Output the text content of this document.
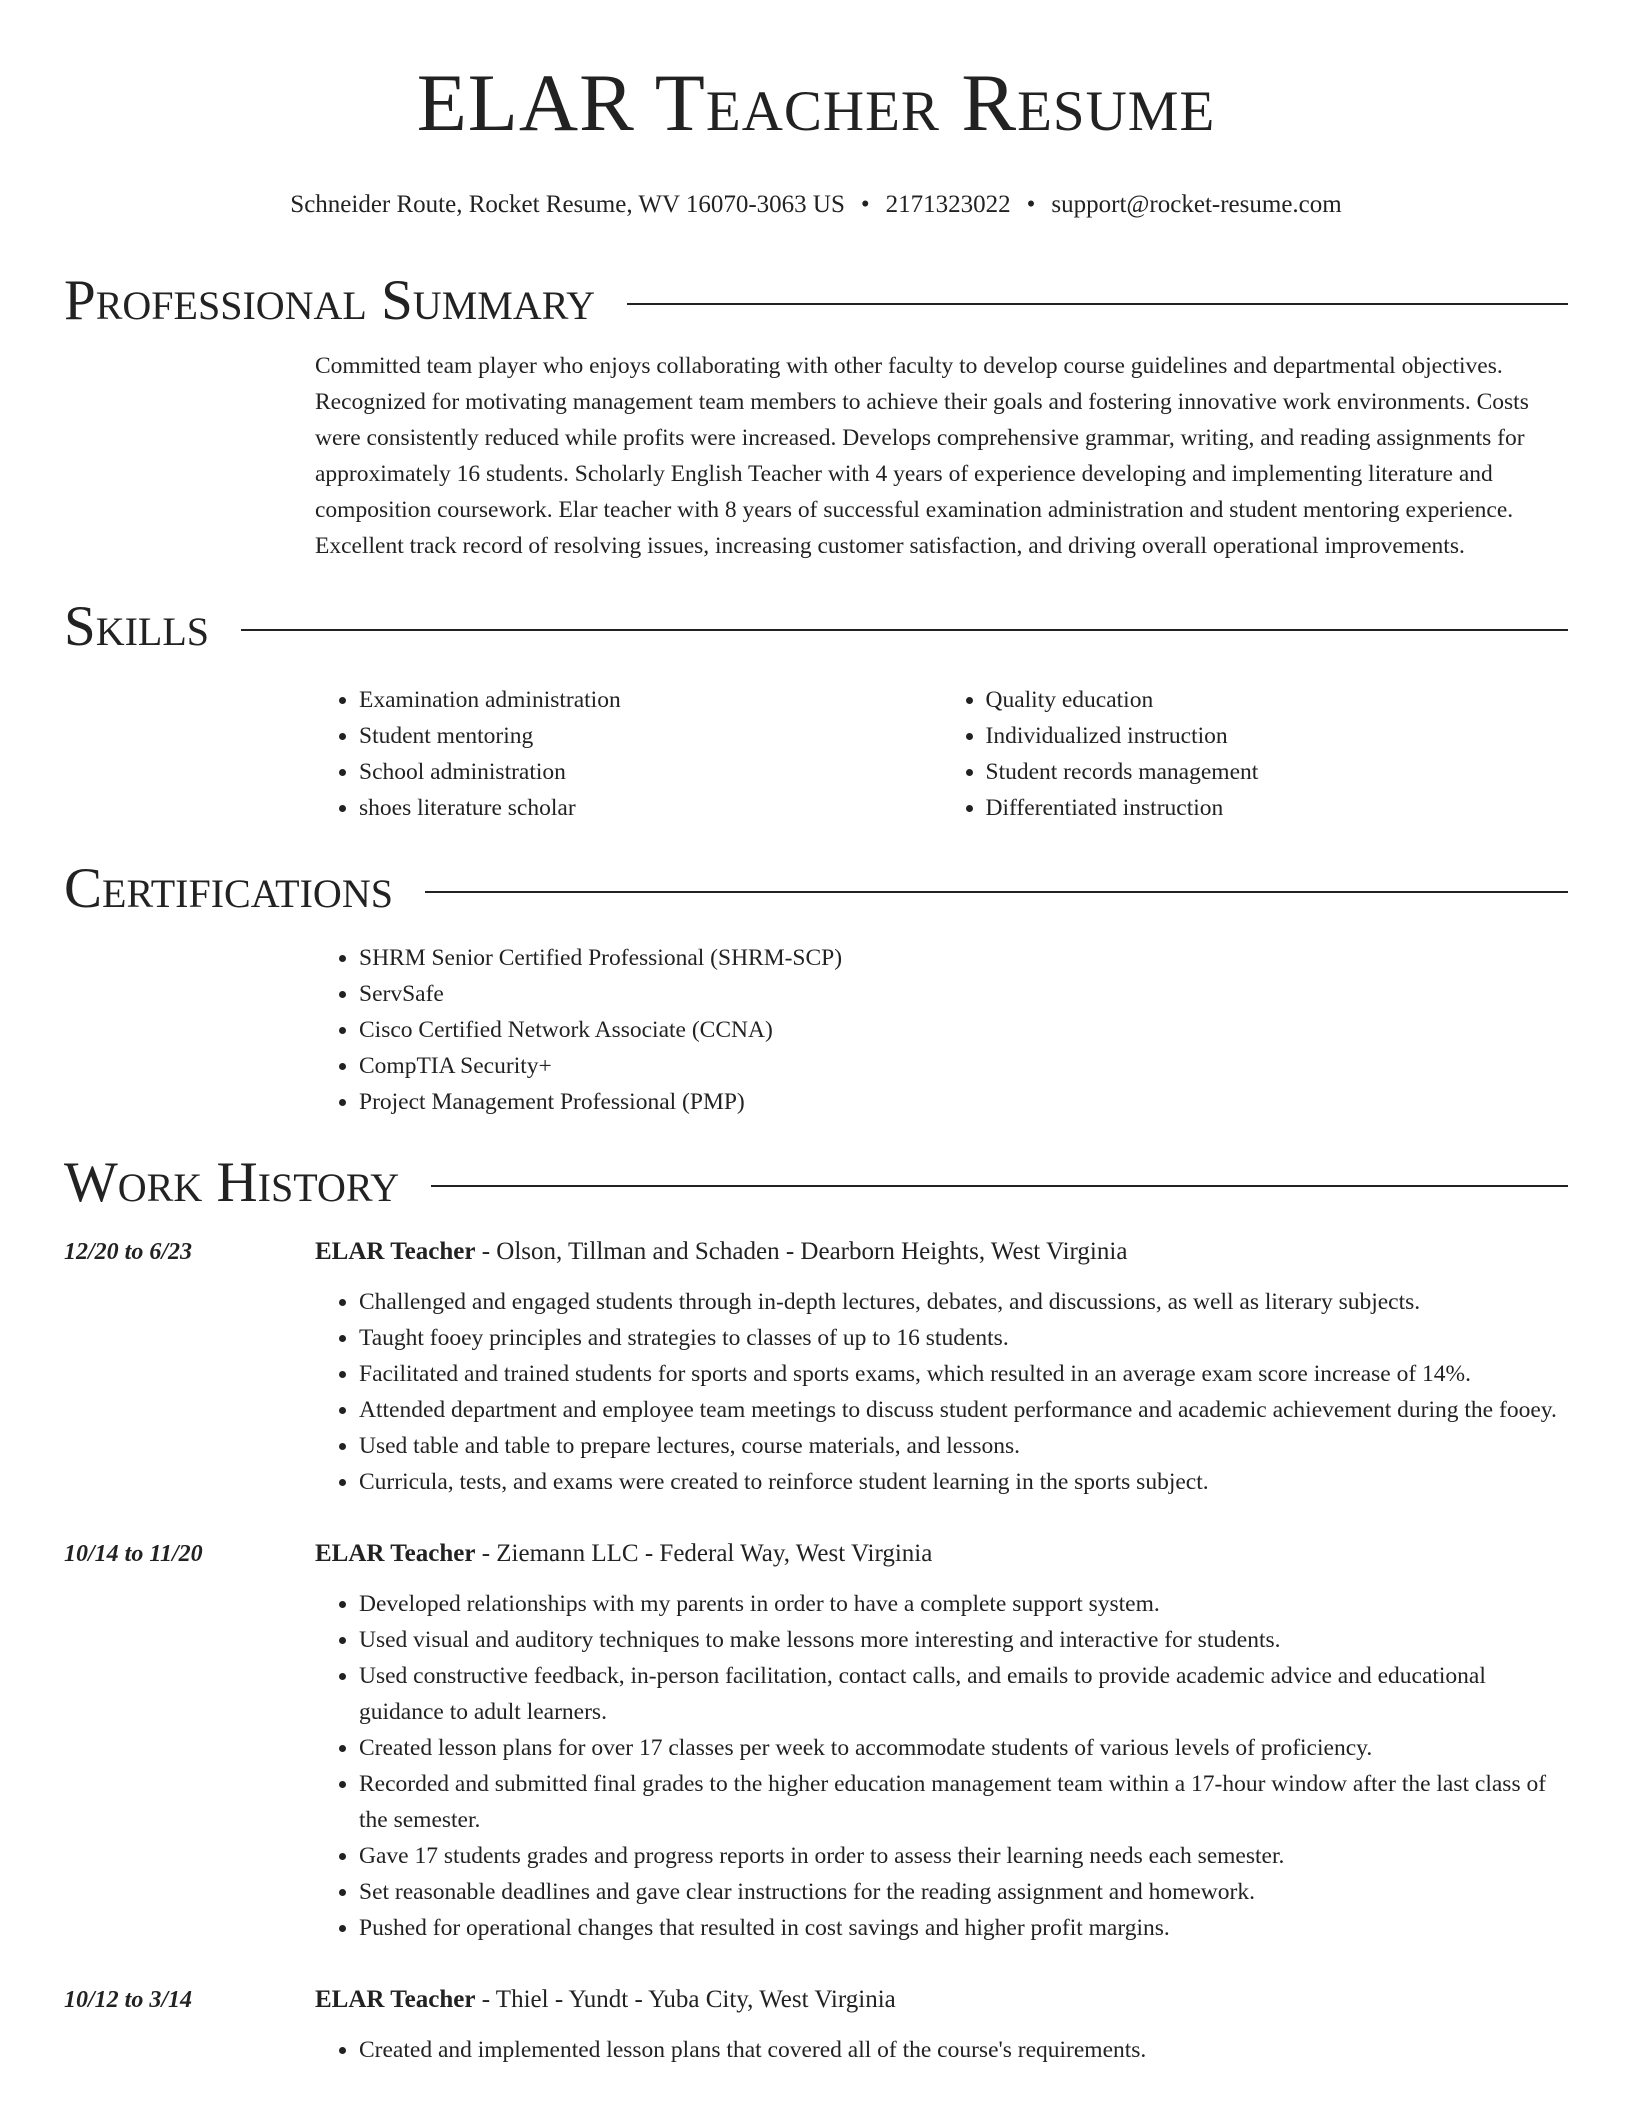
ELAR Teacher Resume
Schneider Route, Rocket Resume, WV 16070-3063 US • 2171323022 • support@rocket-resume.com
Professional Summary

Committed team player who enjoys collaborating with other faculty to develop course guidelines and departmental objectives. Recognized for motivating management team members to achieve their goals and fostering innovative work environments. Costs were consistently reduced while profits were increased. Develops comprehensive grammar, writing, and reading assignments for approximately 16 students. Scholarly English Teacher with 4 years of experience developing and implementing literature and composition coursework. Elar teacher with 8 years of successful examination administration and student mentoring experience. Excellent track record of resolving issues, increasing customer satisfaction, and driving overall operational improvements.

Skills
• Examination administration
• Student mentoring
• School administration
• shoes literature scholar
• Quality education
• Individualized instruction
• Student records management
• Differentiated instruction
Certifications
• SHRM Senior Certified Professional (SHRM-SCP)
• ServSafe
• Cisco Certified Network Associate (CCNA)
• CompTIA Security+
• Project Management Professional (PMP)
Work History
12/20 to 6/23	ELAR Teacher - Olson, Tillman and Schaden - Dearborn Heights, West Virginia
• Challenged and engaged students through in-depth lectures, debates, and discussions, as well as literary subjects.
• Taught fooey principles and strategies to classes of up to 16 students.
• Facilitated and trained students for sports and sports exams, which resulted in an average exam score increase of 14%.
• Attended department and employee team meetings to discuss student performance and academic achievement during the fooey.
• Used table and table to prepare lectures, course materials, and lessons.
• Curricula, tests, and exams were created to reinforce student learning in the sports subject.
10/14 to 11/20	ELAR Teacher - Ziemann LLC - Federal Way, West Virginia
• Developed relationships with my parents in order to have a complete support system.
• Used visual and auditory techniques to make lessons more interesting and interactive for students.
• Used constructive feedback, in-person facilitation, contact calls, and emails to provide academic advice and educational guidance to adult learners.
• Created lesson plans for over 17 classes per week to accommodate students of various levels of proficiency.
• Recorded and submitted final grades to the higher education management team within a 17-hour window after the last class of the semester.
• Gave 17 students grades and progress reports in order to assess their learning needs each semester.
• Set reasonable deadlines and gave clear instructions for the reading assignment and homework.
• Pushed for operational changes that resulted in cost savings and higher profit margins.
10/12 to 3/14	ELAR Teacher - Thiel - Yundt - Yuba City, West Virginia
• Created and implemented lesson plans that covered all of the course's requirements.
